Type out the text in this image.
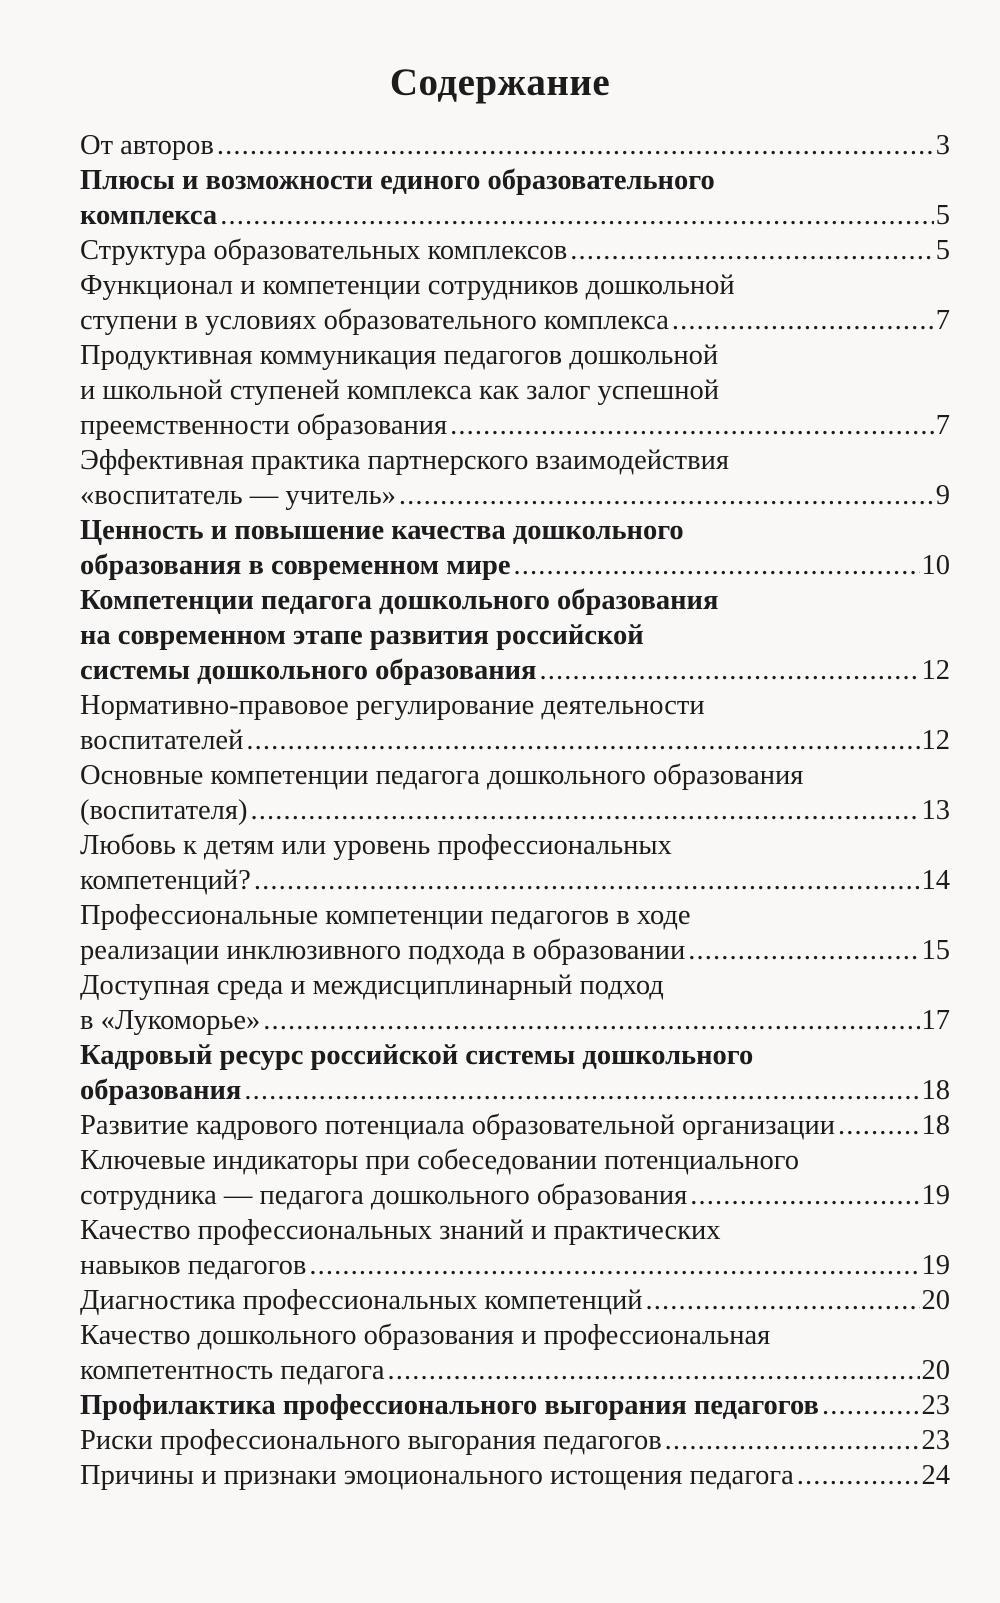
Содержание
От авторов . . .	3
Плюсы и возможности единого образовательного
комплекса . . .	5
Структура образовательных комплексов . . .	5
Функционал и компетенции сотрудников дошкольной
ступени в условиях образовательного комплекса . . .	7
Продуктивная коммуникация педагогов дошкольной
и школьной ступеней комплекса как залог успешной
преемственности образования . . .	7
Эффективная практика партнерского взаимодействия
«воспитатель — учитель» . . .	9
Ценность и повышение качества дошкольного
образования в современном мире . . .	10
Компетенции педагога дошкольного образования
на современном этапе развития российской
системы дошкольного образования . . .	12
Нормативно-правовое регулирование деятельности
воспитателей . . .	12
Основные компетенции педагога дошкольного образования
(воспитателя) . . .	13
Любовь к детям или уровень профессиональных
компетенций? . . .	14
Профессиональные компетенции педагогов в ходе
реализации инклюзивного подхода в образовании . . .	15
Доступная среда и междисциплинарный подход
в «Лукоморье» . . .	17
Кадровый ресурс российской системы дошкольного
образования . . .	18
Развитие кадрового потенциала образовательной организации . . .	18
Ключевые индикаторы при собеседовании потенциального
сотрудника — педагога дошкольного образования . . .	19
Качество профессиональных знаний и практических
навыков педагогов . . .	19
Диагностика профессиональных компетенций . . .	20
Качество дошкольного образования и профессиональная
компетентность педагога . . .	20
Профилактика профессионального выгорания педагогов . . .	23
Риски профессионального выгорания педагогов . . .	23
Причины и признаки эмоционального истощения педагога . . .	24
